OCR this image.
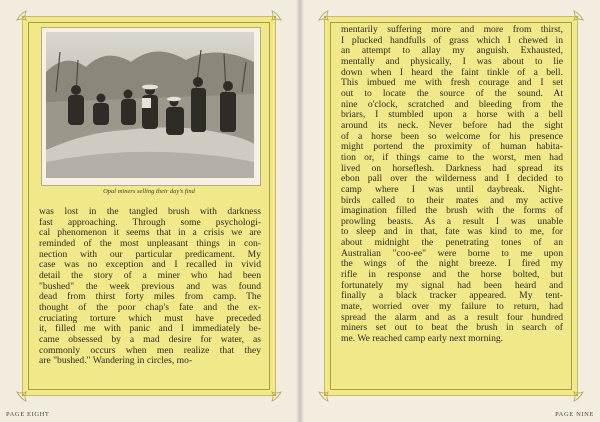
Opal miners selling their day's find

was lost in the tangled brush with darkness
fast approaching. Through some psychologi-
cal phenomenon it seems that in a crisis we are
reminded of the most unpleasant things in con-
nection with our particular predicament. My
case was no exception and I recalled in vivid
detail the story of a miner who had been
"bushed" the week previous and was found
dead from thirst forty miles from camp. The
thought of the poor chap's fate and the ex-
cruciating torture which must have preceded
it, filled me with panic and I immediately be-
came obsessed by a mad desire for water, as
commonly occurs when men realize that they
are "bushed." Wandering in circles, mo-

PAGE EIGHT

mentarily suffering more and more from thirst,
I plucked handfulls of grass which I chewed in
an attempt to allay my anguish. Exhausted,
mentally and physically, I was about to lie
down when I heard the faint tinkle of a bell.
This imbued me with fresh courage and I set
out to locate the source of the sound. At
nine o'clock, scratched and bleeding from the
briars, I stumbled upon a horse with a bell
around its neck. Never before had the sight
of a horse been so welcome for his presence
might portend the proximity of human habita-
tion or, if things came to the worst, men had
lived on horseflesh. Darkness had spread its
ebon pall over the wilderness and I decided to
camp where I was until daybreak. Night-
birds called to their mates and my active
imagination filled the brush with the forms of
prowling beasts. As a result I was unable
to sleep and in that, fate was kind to me, for
about midnight the penetrating tones of an
Australian "coo-ee" were borne to me upon
the wings of the night breeze. I fired my
rifle in response and the horse bolted, but
fortunately my signal had been heard and
finally a black tracker appeared. My tent-
mate, worried over my failure to return, had
spread the alarm and as a result four hundred
miners set out to beat the brush in search of
me. We reached camp early next morning.

PAGE NINE
